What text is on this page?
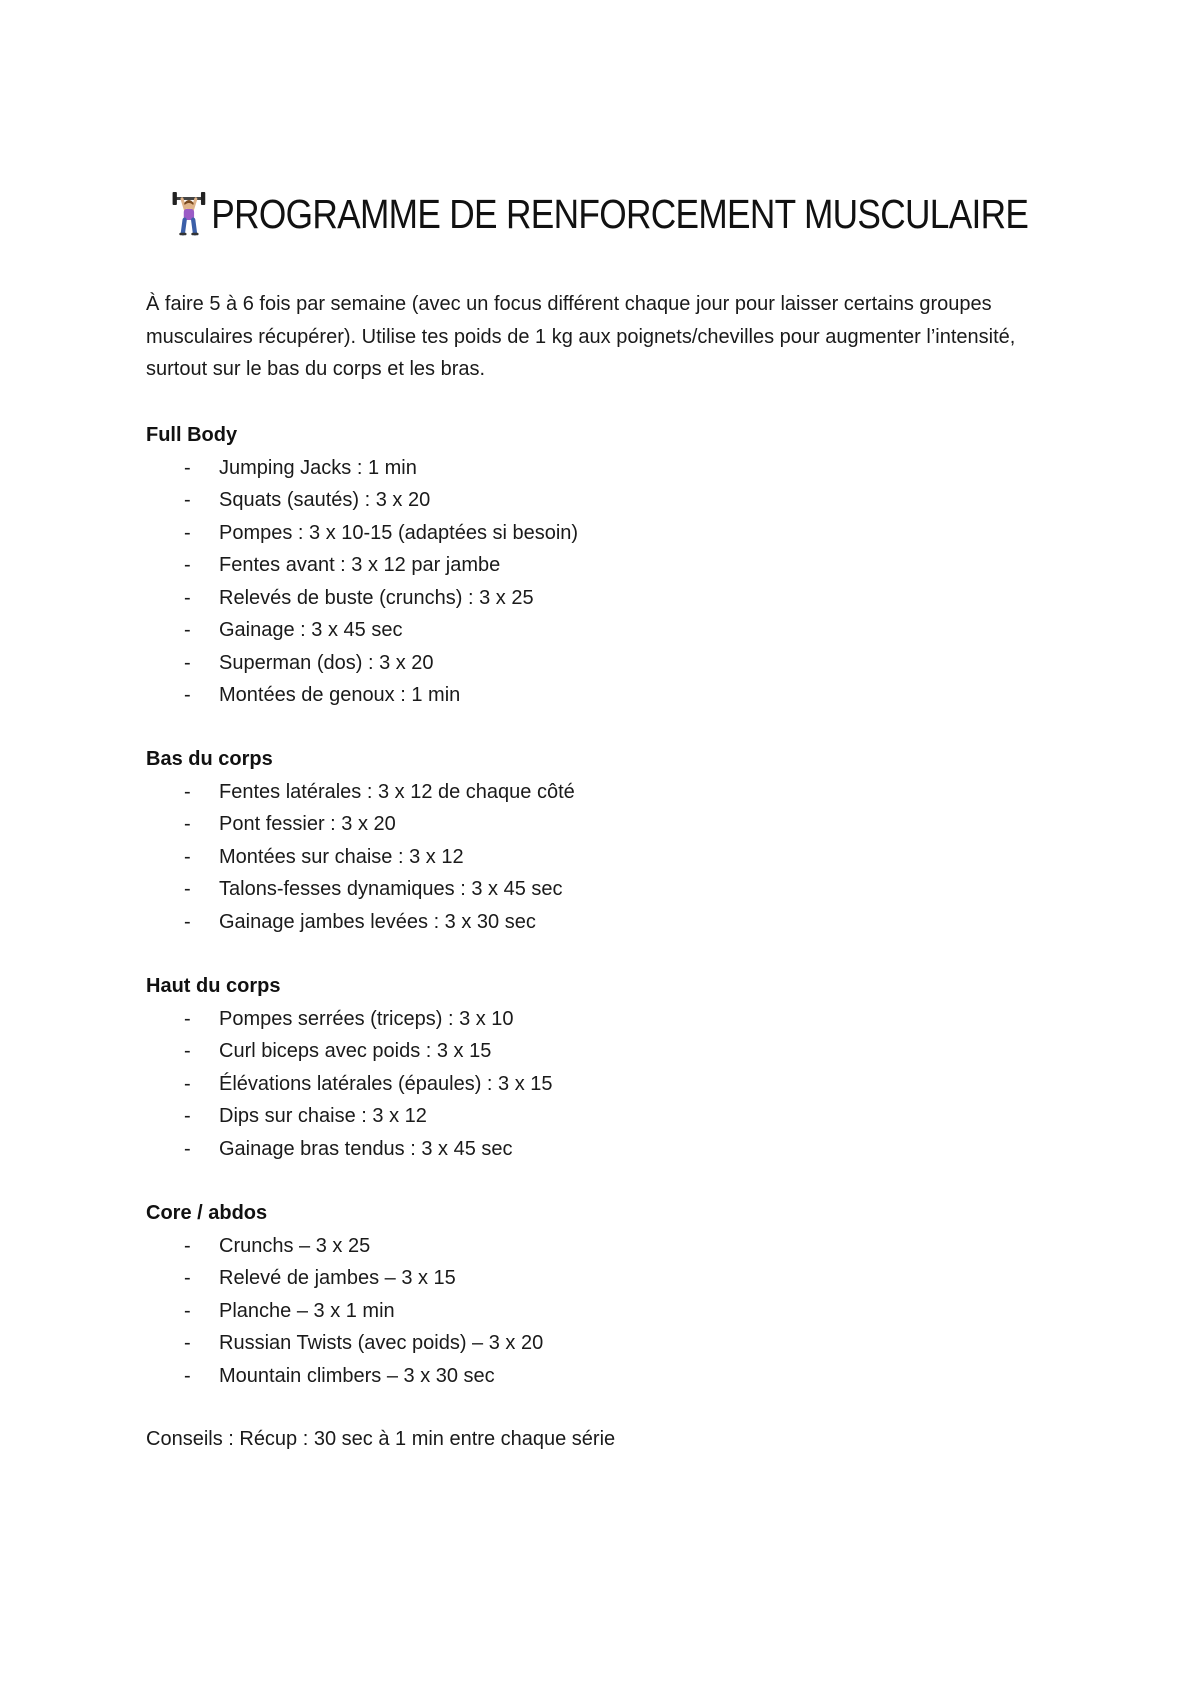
PROGRAMME DE RENFORCEMENT MUSCULAIRE

À faire 5 à 6 fois par semaine (avec un focus différent chaque jour pour laisser certains groupes musculaires récupérer). Utilise tes poids de 1 kg aux poignets/chevilles pour augmenter l’intensité, surtout sur le bas du corps et les bras.

Full Body
- Jumping Jacks : 1 min
- Squats (sautés) : 3 x 20
- Pompes : 3 x 10-15 (adaptées si besoin)
- Fentes avant : 3 x 12 par jambe
- Relevés de buste (crunchs) : 3 x 25
- Gainage : 3 x 45 sec
- Superman (dos) : 3 x 20
- Montées de genoux : 1 min
Bas du corps
- Fentes latérales : 3 x 12 de chaque côté
- Pont fessier : 3 x 20
- Montées sur chaise : 3 x 12
- Talons-fesses dynamiques : 3 x 45 sec
- Gainage jambes levées : 3 x 30 sec
Haut du corps
- Pompes serrées (triceps) : 3 x 10
- Curl biceps avec poids : 3 x 15
- Élévations latérales (épaules) : 3 x 15
- Dips sur chaise : 3 x 12
- Gainage bras tendus : 3 x 45 sec
Core / abdos
- Crunchs – 3 x 25
- Relevé de jambes – 3 x 15
- Planche – 3 x 1 min
- Russian Twists (avec poids) – 3 x 20
- Mountain climbers – 3 x 30 sec
Conseils : Récup : 30 sec à 1 min entre chaque série
